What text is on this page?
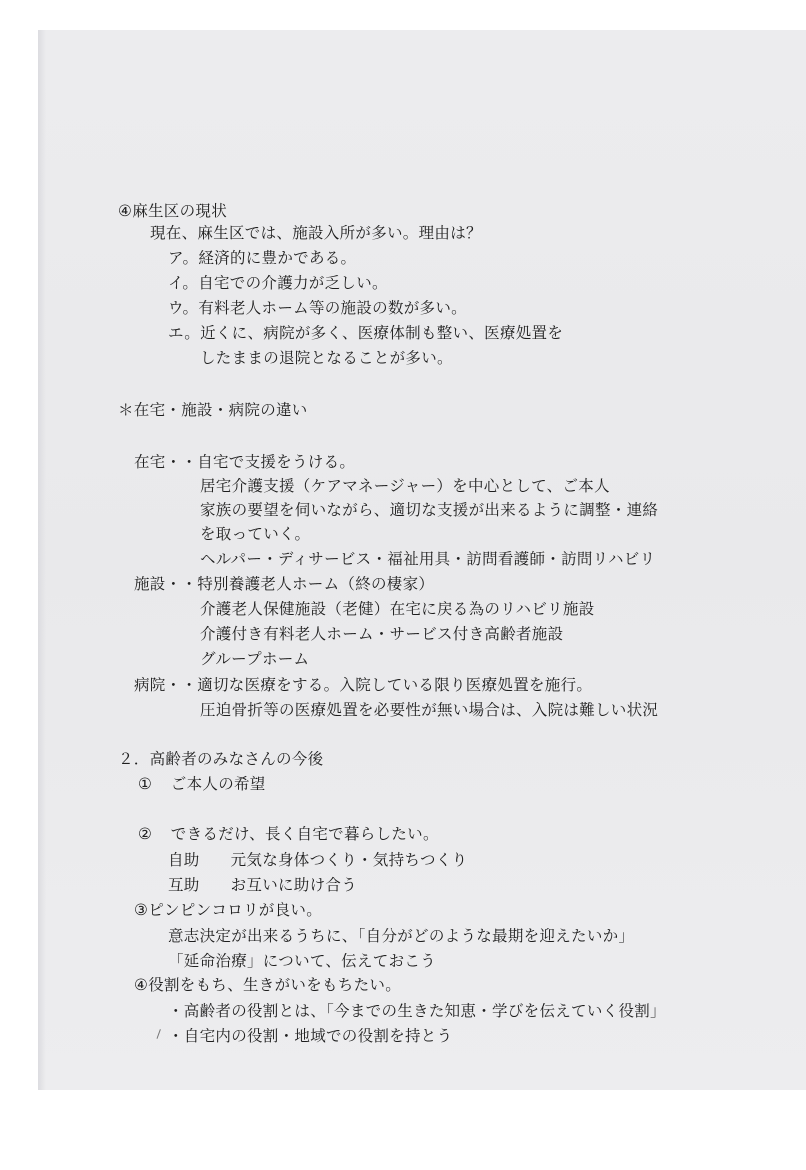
④麻生区の現状
現在、麻生区では、施設入所が多い。理由は？
ア。経済的に豊かである。
イ。自宅での介護力が乏しい。
ウ。有料老人ホーム等の施設の数が多い。
エ。近くに、病院が多く、医療体制も整い、医療処置を
したままの退院となることが多い。
＊在宅・施設・病院の違い
在宅・・自宅で支援をうける。
居宅介護支援（ケアマネージャー）を中心として、ご本人
家族の要望を伺いながら、適切な支援が出来るように調整・連絡
を取っていく。
ヘルパー・ディサービス・福祉用具・訪問看護師・訪問リハビリ
施設・・特別養護老人ホーム（終の棲家）
介護老人保健施設（老健）在宅に戻る為のリハビリ施設
介護付き有料老人ホーム・サービス付き高齢者施設
グループホーム
病院・・適切な医療をする。入院している限り医療処置を施行。
圧迫骨折等の医療処置を必要性が無い場合は、入院は難しい状況
２．高齢者のみなさんの今後
① ご本人の希望
② できるだけ、長く自宅で暮らしたい。
自助 元気な身体つくり・気持ちつくり
互助 お互いに助け合う
③ピンピンコロリが良い。
意志決定が出来るうちに、「自分がどのような最期を迎えたいか」
「延命治療」について、伝えておこう
④役割をもち、生きがいをもちたい。
・高齢者の役割とは、「今までの生きた知恵・学びを伝えていく役割」
・自宅内の役割・地域での役割を持とう
